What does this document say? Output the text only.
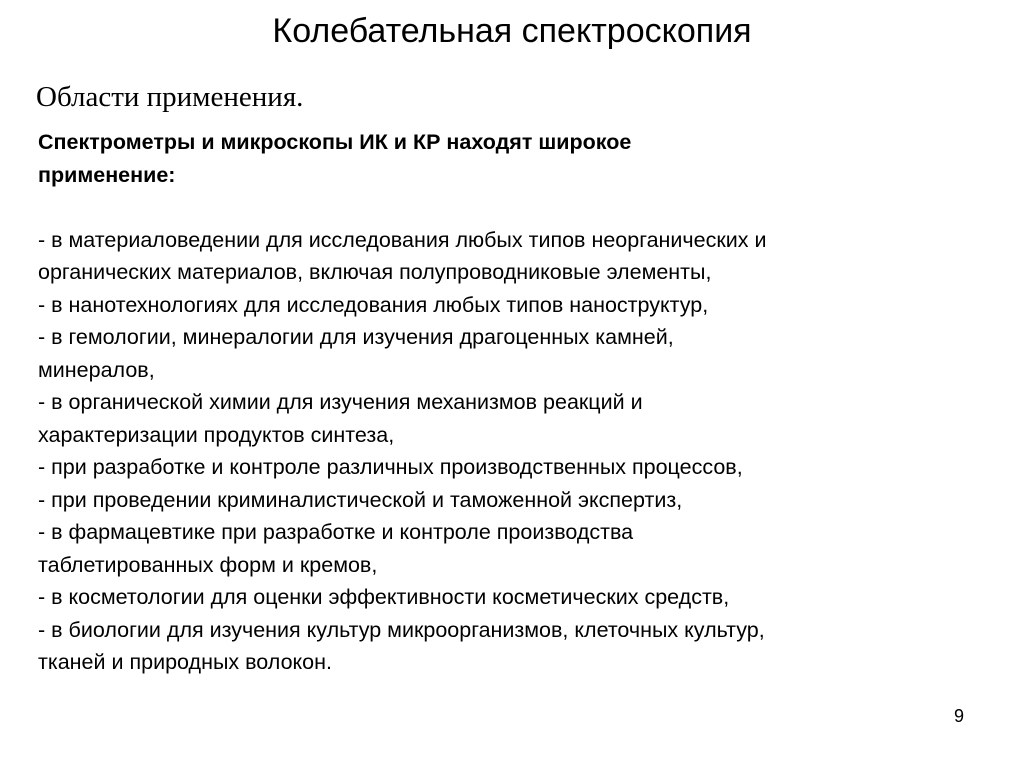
Колебательная спектроскопия
Области применения.
Спектрометры и микроскопы ИК и КР находят широкое
применение:
- в материаловедении для исследования любых типов неорганических и
органических материалов, включая полупроводниковые элементы,
- в нанотехнологиях для исследования любых типов наноструктур,
- в гемологии, минералогии для изучения драгоценных камней,
минералов,
- в органической химии для изучения механизмов реакций и
характеризации продуктов синтеза,
- при разработке и контроле различных производственных процессов,
- при проведении криминалистической и таможенной экспертиз,
- в фармацевтике при разработке и контроле производства
таблетированных форм и кремов,
- в косметологии для оценки эффективности косметических средств,
- в биологии для изучения культур микроорганизмов, клеточных культур,
тканей и природных волокон.
9
